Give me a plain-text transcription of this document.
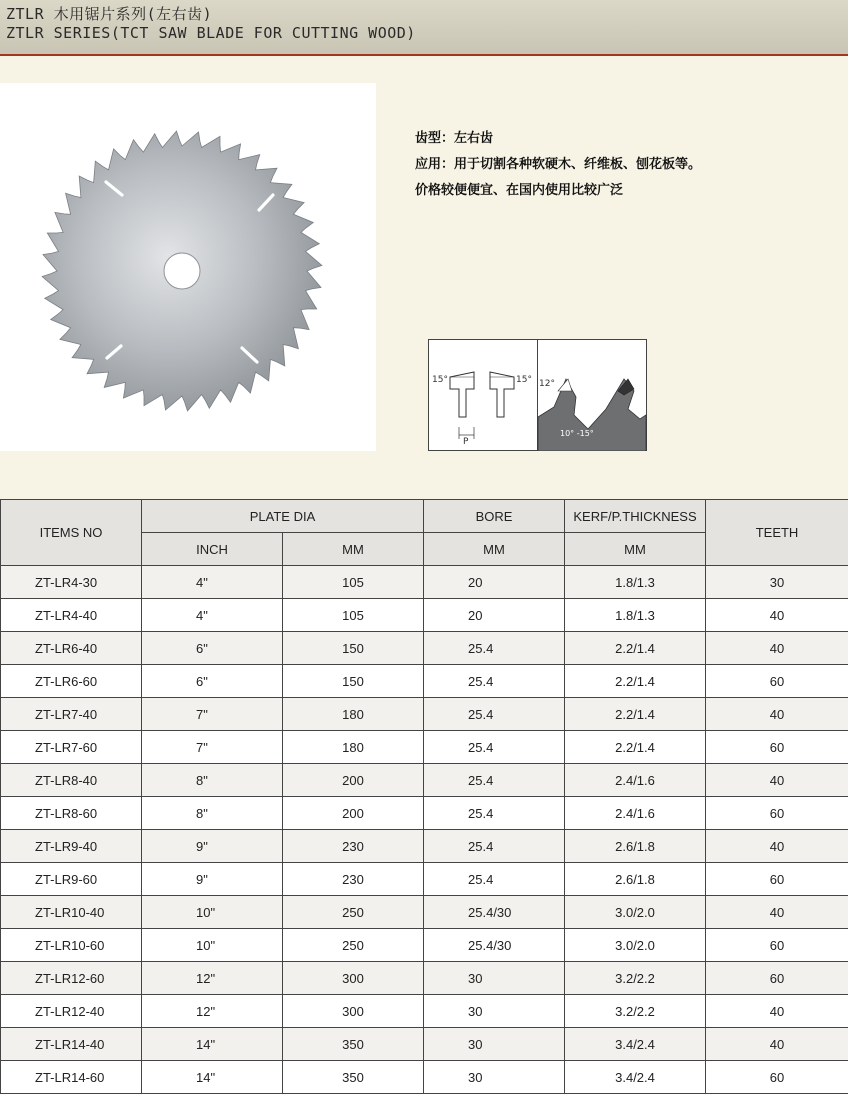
ZTLR 木用锯片系列(左右齿)
ZTLR SERIES(TCT SAW BLADE FOR CUTTING WOOD)
齿型：左右齿
应用：用于切割各种软硬木、纤维板、刨花板等。
价格较便便宜、在国内使用比较广泛
15°	15°
P
12°
10° -15°
ITEMS NO	PLATE DIA		BORE	KERF/P.THICKNESS	TEETH
	INCH	MM	MM	MM	
ZT-LR4-30	4"	105	20	1.8/1.3	30
ZT-LR4-40	4"	105	20	1.8/1.3	40
ZT-LR6-40	6"	150	25.4	2.2/1.4	40
ZT-LR6-60	6"	150	25.4	2.2/1.4	60
ZT-LR7-40	7"	180	25.4	2.2/1.4	40
ZT-LR7-60	7"	180	25.4	2.2/1.4	60
ZT-LR8-40	8"	200	25.4	2.4/1.6	40
ZT-LR8-60	8"	200	25.4	2.4/1.6	60
ZT-LR9-40	9"	230	25.4	2.6/1.8	40
ZT-LR9-60	9"	230	25.4	2.6/1.8	60
ZT-LR10-40	10"	250	25.4/30	3.0/2.0	40
ZT-LR10-60	10"	250	25.4/30	3.0/2.0	60
ZT-LR12-60	12"	300	30	3.2/2.2	60
ZT-LR12-40	12"	300	30	3.2/2.2	40
ZT-LR14-40	14"	350	30	3.4/2.4	40
ZT-LR14-60	14"	350	30	3.4/2.4	60
